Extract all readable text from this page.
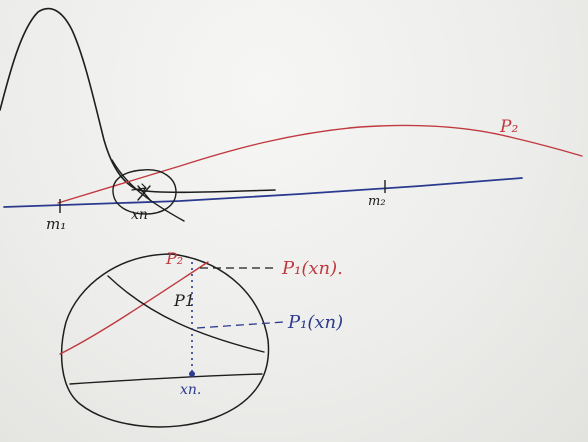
P₂
m₁
m₂
xn
P₂
P1
P₁(xn).
P₁(xn)
xn.
